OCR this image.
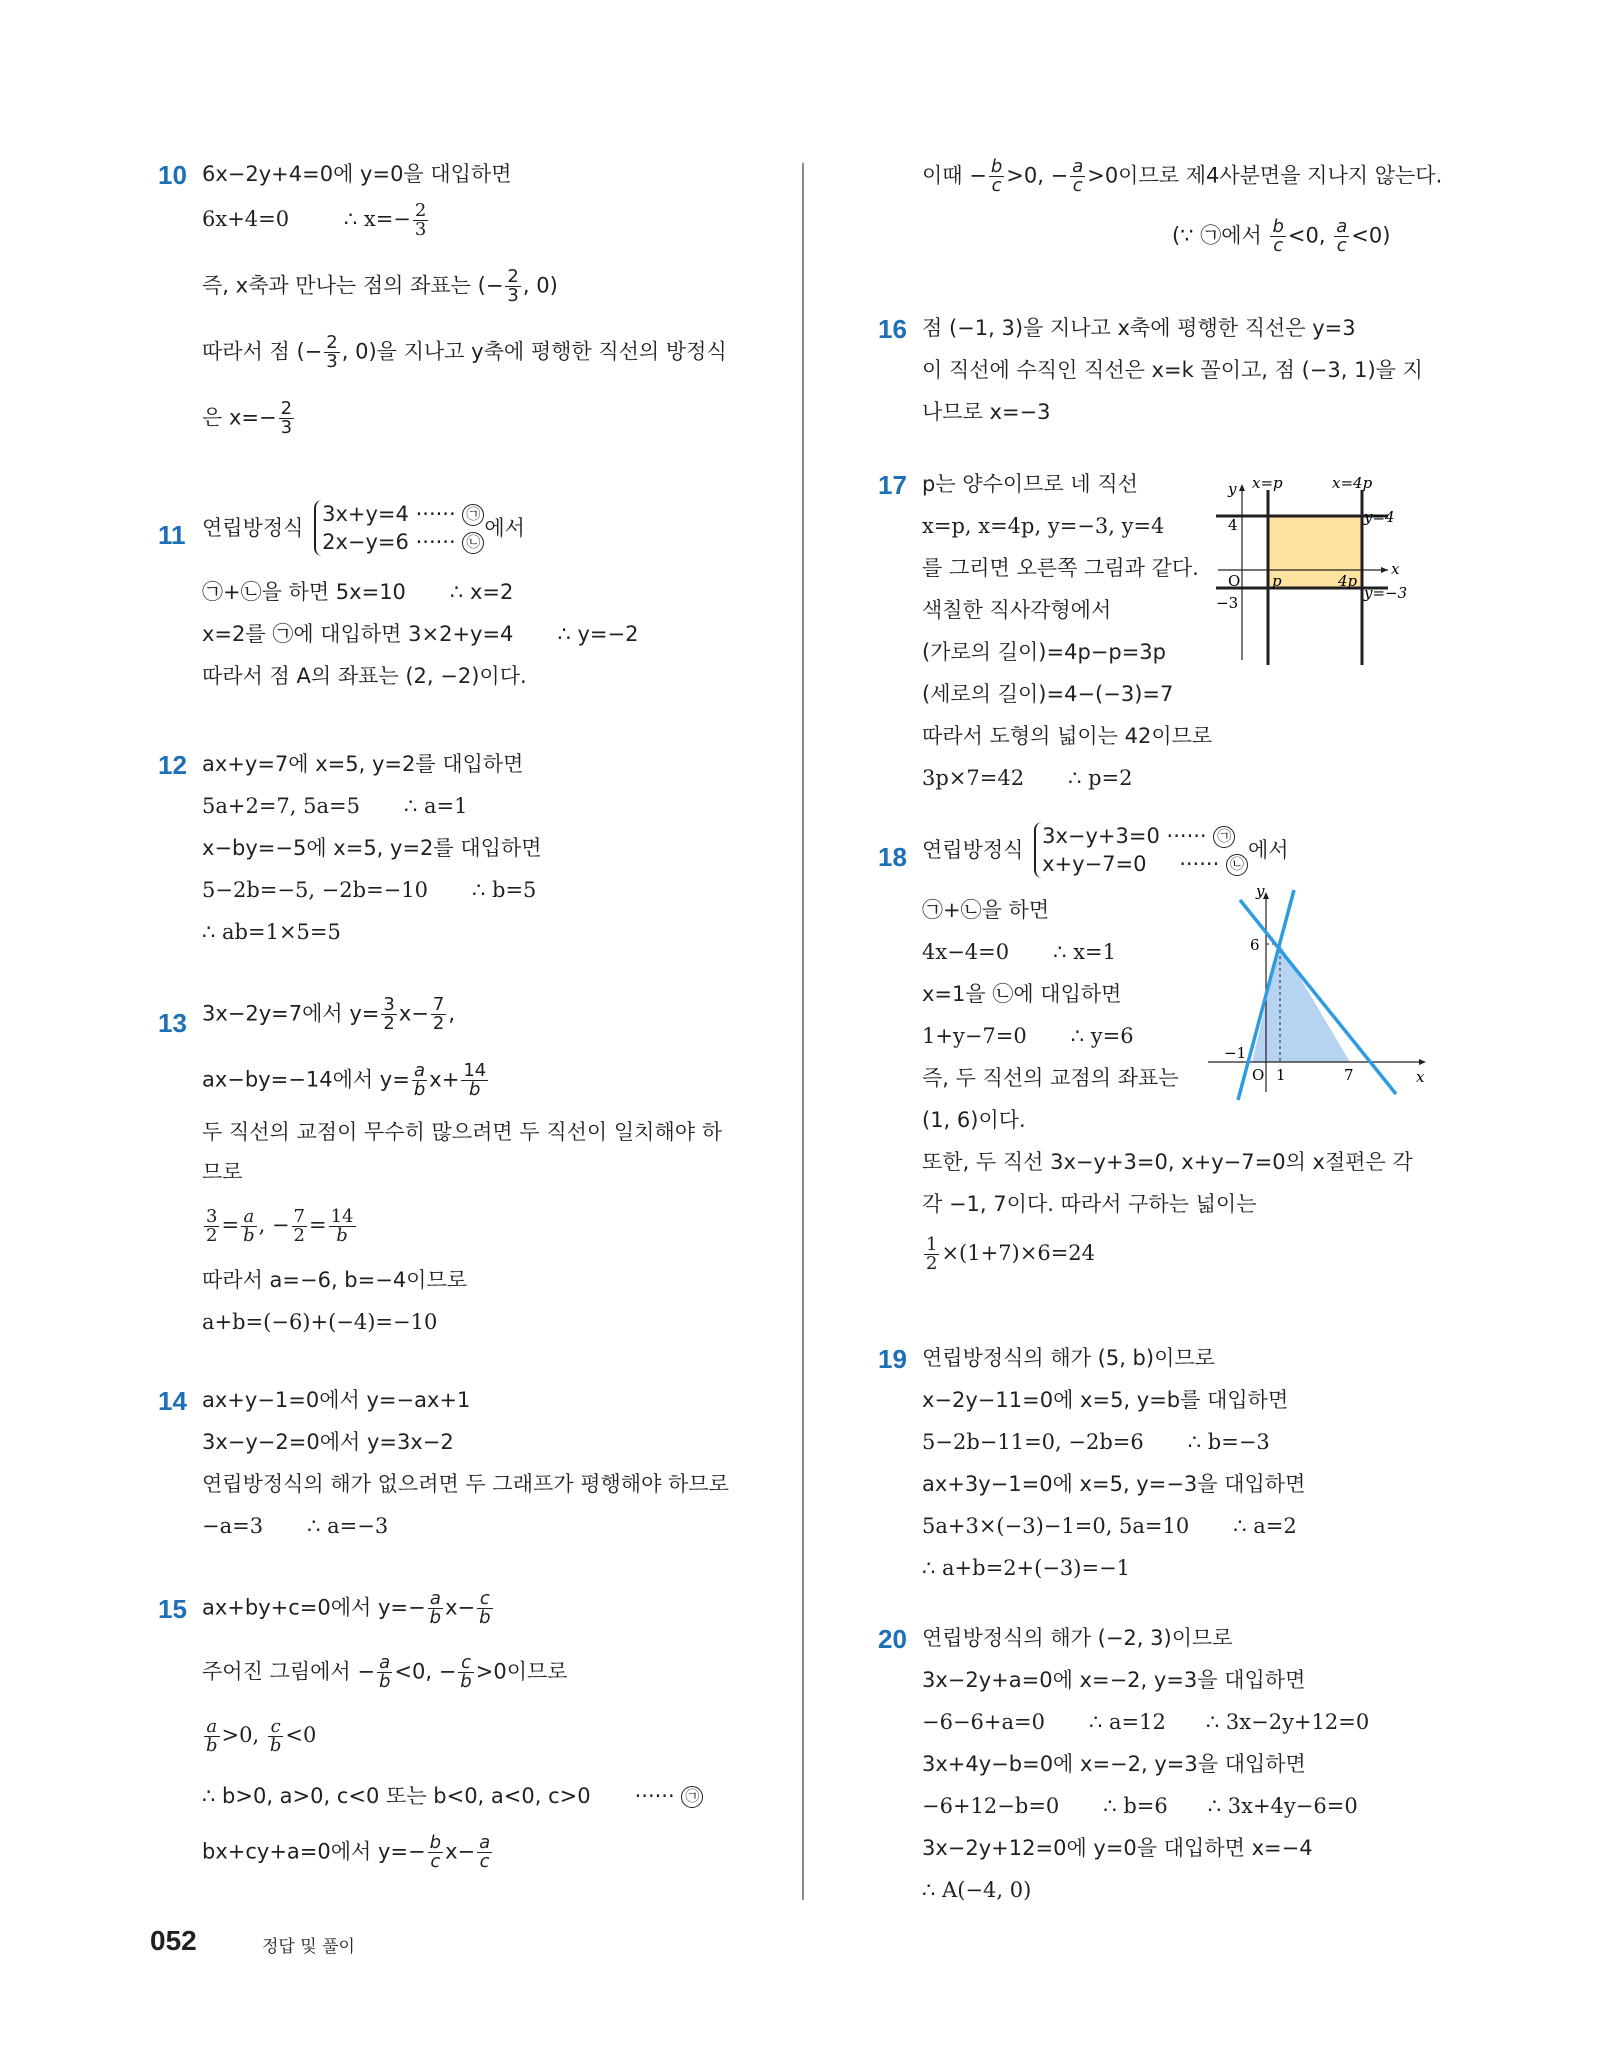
10 6x−2y+4=0에 y=0을 대입하면
6x+4=0	∴ $x=- \frac{2}{3}$
즉, x축과 만나는 점의 좌표는 (− $\frac{2}{3}$ , 0)
따라서 점 (− $\frac{2}{3}$ , 0)을 지나고 y축에 평행한 직선의 방정식
은 $x=- \frac{2}{3}$
11 연립방정식
3x+y=4 ······ ㉠
2x−y=6 ······ ㉡
에서
㉠+㉡을 하면 5x=10 ∴ x=2
x=2를 ㉠에 대입하면 3×2+y=4 ∴ y=−2
따라서 점 A의 좌표는 (2, −2)이다.
12 ax+y=7에 x=5, y=2를 대입하면
5a+2=7, 5a=5 ∴ a=1
x−by=−5에 x=5, y=2를 대입하면
5−2b=−5, −2b=−10 ∴ b=5
∴ ab=1×5=5
13 3x−2y=7에서 $y= \frac{3}{2} x- \frac{7}{2}$ ,
ax−by=−14에서 $y= \frac{a}{b} x+ \frac{14}{b}$
두 직선의 교점이 무수히 많으려면 두 직선이 일치해야 하
므로
$\frac{3}{2} = \frac{a}{b}$ , − $\frac{7}{2} = \frac{14}{b}$
따라서 a=−6, b=−4이므로
a+b=(−6)+(−4)=−10
14 ax+y−1=0에서 y=−ax+1
3x−y−2=0에서 y=3x−2
연립방정식의 해가 없으려면 두 그래프가 평행해야 하므로
−a=3 ∴ a=−3
15 ax+by+c=0에서 $y=- \frac{a}{b} x- \frac{c}{b}$
주어진 그림에서 − $\frac{a}{b} <0$, − $\frac{c}{b} >0$이므로
$\frac{a}{b} >0$, $\frac{c}{b} <0$
∴ b>0, a>0, c<0 또는 b<0, a<0, c>0 ······ ㉠
bx+cy+a=0에서 $y=- \frac{b}{c} x- \frac{a}{c}$
이때 − $\frac{b}{c} >0$, − $\frac{a}{c} >0$이므로 제4사분면을 지나지 않는다.
(∵ ㉠에서 $\frac{b}{c} <0$, $\frac{a}{c} <0$)
16 점 (−1, 3)을 지나고 x축에 평행한 직선은 y=3
이 직선에 수직인 직선은 x=k 꼴이고, 점 (−3, 1)을 지
나므로 x=−3
17 p는 양수이므로 네 직선
x=p, x=4p, y=−3, y=4
를 그리면 오른쪽 그림과 같다.
색칠한 직사각형에서
(가로의 길이)=4p−p=3p
(세로의 길이)=4−(−3)=7
따라서 도형의 넓이는 42이므로
3p×7=42 ∴ p=2
y
x
O
x=p	x=4p
y=4
y=−3
4
−3
p	4p
18 연립방정식
3x−y+3=0 ······ ㉠
x+y−7=0 ······ ㉡
에서
㉠+㉡을 하면
4x−4=0 ∴ x=1
x=1을 ㉡에 대입하면
1+y−7=0 ∴ y=6
즉, 두 직선의 교점의 좌표는
(1, 6)이다.
또한, 두 직선 3x−y+3=0, x+y−7=0의 x절편은 각
각 −1, 7이다. 따라서 구하는 넓이는
$\frac{1}{2} \times(1+7)\times 6=24$
y
x
O
6
−1
1	7
19 연립방정식의 해가 (5, b)이므로
x−2y−11=0에 x=5, y=b를 대입하면
5−2b−11=0, −2b=6 ∴ b=−3
ax+3y−1=0에 x=5, y=−3을 대입하면
5a+3×(−3)−1=0, 5a=10 ∴ a=2
∴ a+b=2+(−3)=−1
20 연립방정식의 해가 (−2, 3)이므로
3x−2y+a=0에 x=−2, y=3을 대입하면
−6−6+a=0 ∴ a=12 ∴ 3x−2y+12=0
3x+4y−b=0에 x=−2, y=3을 대입하면
−6+12−b=0 ∴ b=6 ∴ 3x+4y−6=0
3x−2y+12=0에 y=0을 대입하면 x=−4
∴ A(−4, 0)
052	정답 및 풀이
